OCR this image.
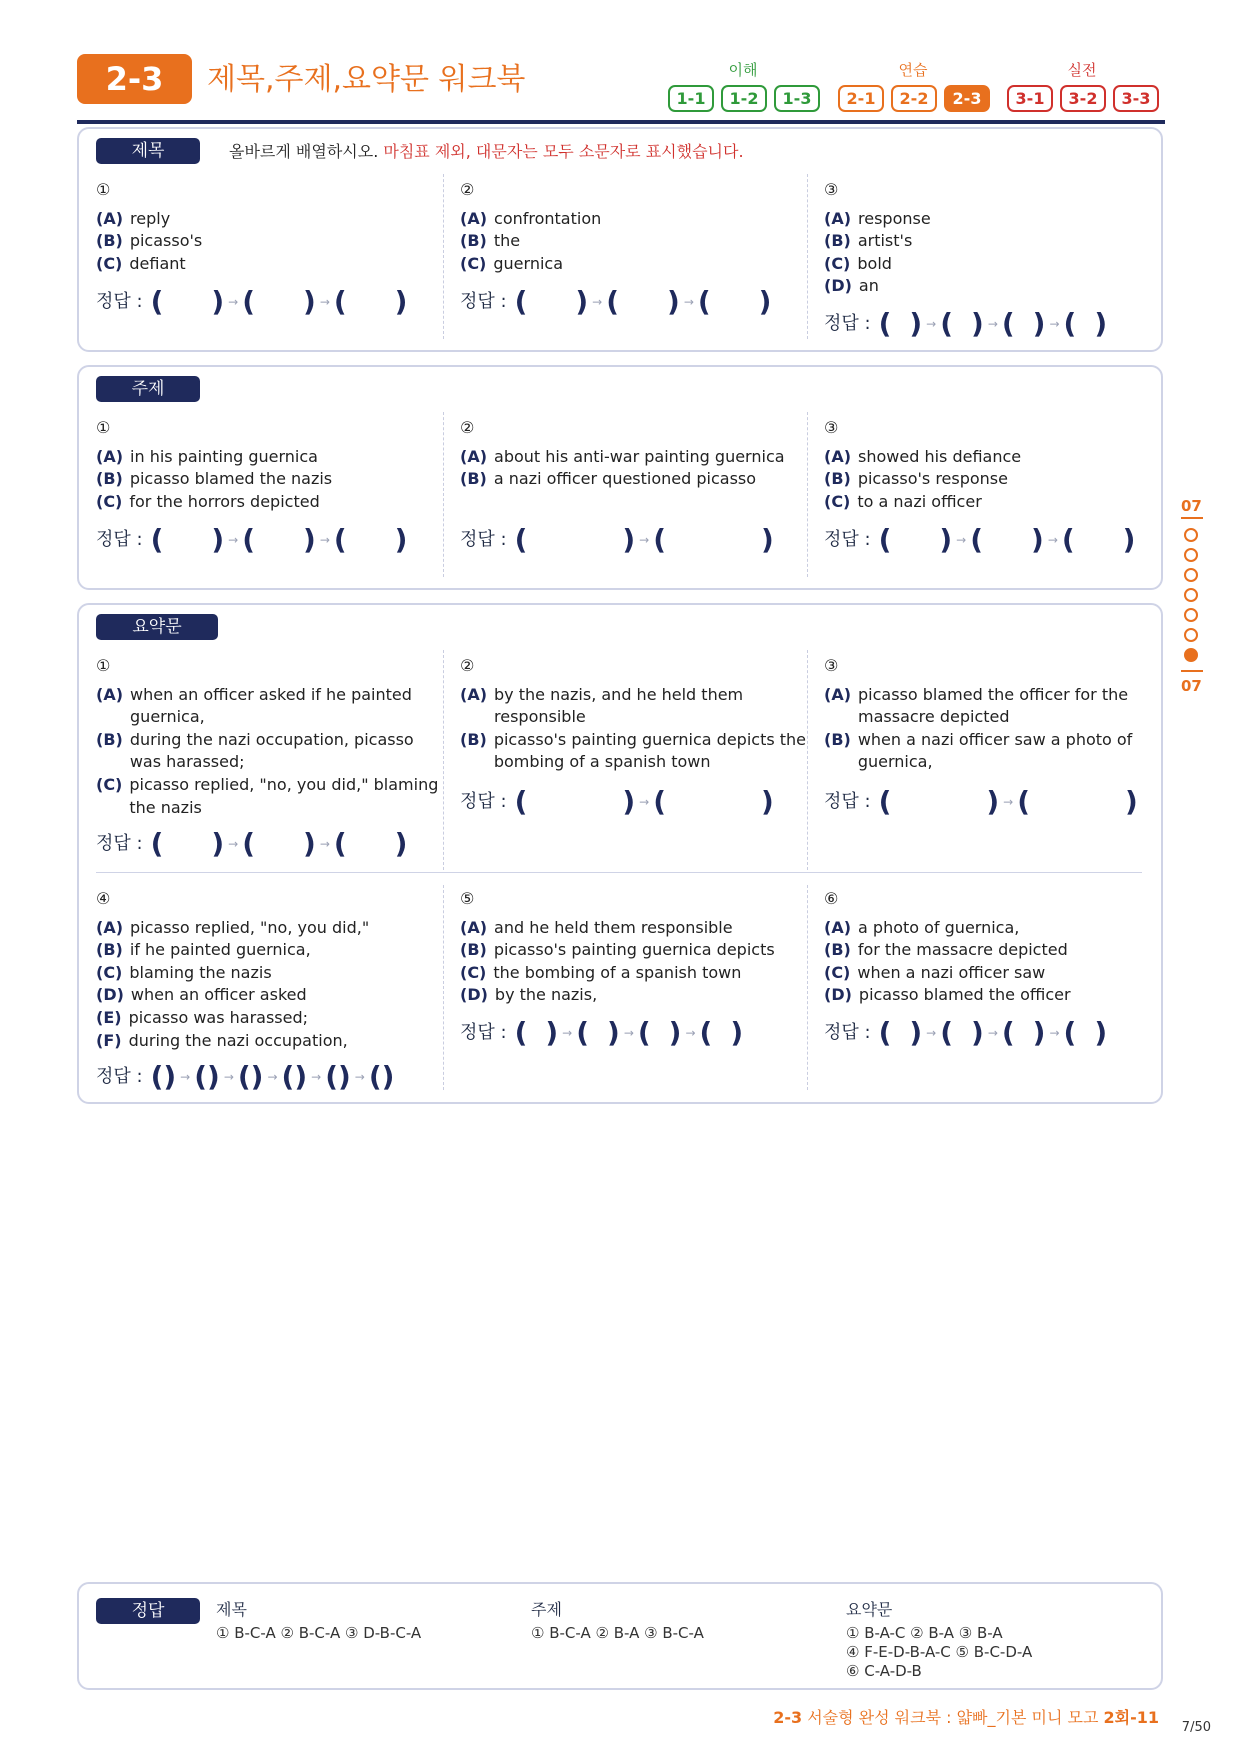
2-3	제목,주제,요약문 워크북	이해
1-1	1-2	1-3
연습
2-1	2-2	2-3
실전
3-1	3-2	3-3
제목	올바르게 배열하시오. 마침표 제외, 대문자는 모두 소문자로 표시했습니다.
①
(A) reply
(B) picasso's
(C) defiant
정답 : ( ) → ( ) → ( )
②
(A) confrontation
(B) the
(C) guernica
정답 : ( ) → ( ) → ( )
③
(A) response
(B) artist's
(C) bold
(D) an
정답 : ( ) → ( ) → ( ) → ( )
주제
①
(A) in his painting guernica
(B) picasso blamed the nazis
(C) for the horrors depicted
정답 : ( ) → ( ) → ( )
②
(A) about his anti-war painting guernica
(B) a nazi officer questioned picasso
정답 : (	) → (	)
③
(A) showed his defiance
(B) picasso's response
(C) to a nazi officer
정답 : ( ) → ( ) → ( )
요약문
①
(A) when an officer asked if he painted guernica,
(B) during the nazi occupation, picasso was harassed;
(C) picasso replied, "no, you did," blaming the nazis
정답 : ( ) → ( ) → ( )
②
(A) by the nazis, and he held them responsible
(B) picasso's painting guernica depicts the bombing of a spanish town
정답 : (	) → (	)
③
(A) picasso blamed the officer for the massacre depicted
(B) when a nazi officer saw a photo of guernica,
정답 : (	) → (	)
④
(A) picasso replied, "no, you did,"
(B) if he painted guernica,
(C) blaming the nazis
(D) when an officer asked
(E) picasso was harassed;
(F) during the nazi occupation,
정답 : () → () → () → () → () → ()
⑤
(A) and he held them responsible
(B) picasso's painting guernica depicts
(C) the bombing of a spanish town
(D) by the nazis,
정답 : ( ) → ( ) → ( ) → ( )
⑥
(A) a photo of guernica,
(B) for the massacre depicted
(C) when a nazi officer saw
(D) picasso blamed the officer
정답 : ( ) → ( ) → ( ) → ( )
07
07
정답	제목
① B-C-A ② B-C-A ③ D-B-C-A
주제
① B-C-A ② B-A ③ B-C-A
요약문
① B-A-C ② B-A ③ B-A
④ F-E-D-B-A-C ⑤ B-C-D-A
⑥ C-A-D-B
2-3 서술형 완성 워크북 : 얇빠_기본 미니 모고 2회-11
7/50
